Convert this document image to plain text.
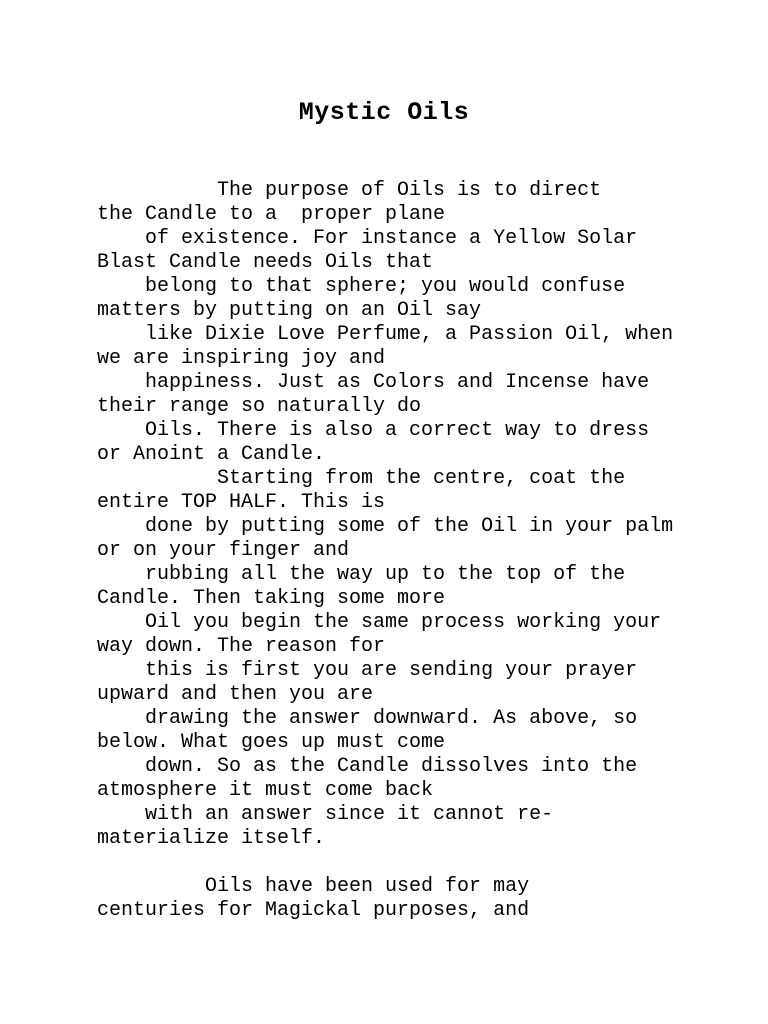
Mystic Oils
The purpose of Oils is to direct
the Candle to a  proper plane
of existence. For instance a Yellow Solar
Blast Candle needs Oils that
belong to that sphere; you would confuse
matters by putting on an Oil say
like Dixie Love Perfume, a Passion Oil, when
we are inspiring joy and
happiness. Just as Colors and Incense have
their range so naturally do
Oils. There is also a correct way to dress
or Anoint a Candle.
Starting from the centre, coat the
entire TOP HALF. This is
done by putting some of the Oil in your palm
or on your finger and
rubbing all the way up to the top of the
Candle. Then taking some more
Oil you begin the same process working your
way down. The reason for
this is first you are sending your prayer
upward and then you are
drawing the answer downward. As above, so
below. What goes up must come
down. So as the Candle dissolves into the
atmosphere it must come back
with an answer since it cannot re-
materialize itself.
Oils have been used for may
centuries for Magickal purposes, and
